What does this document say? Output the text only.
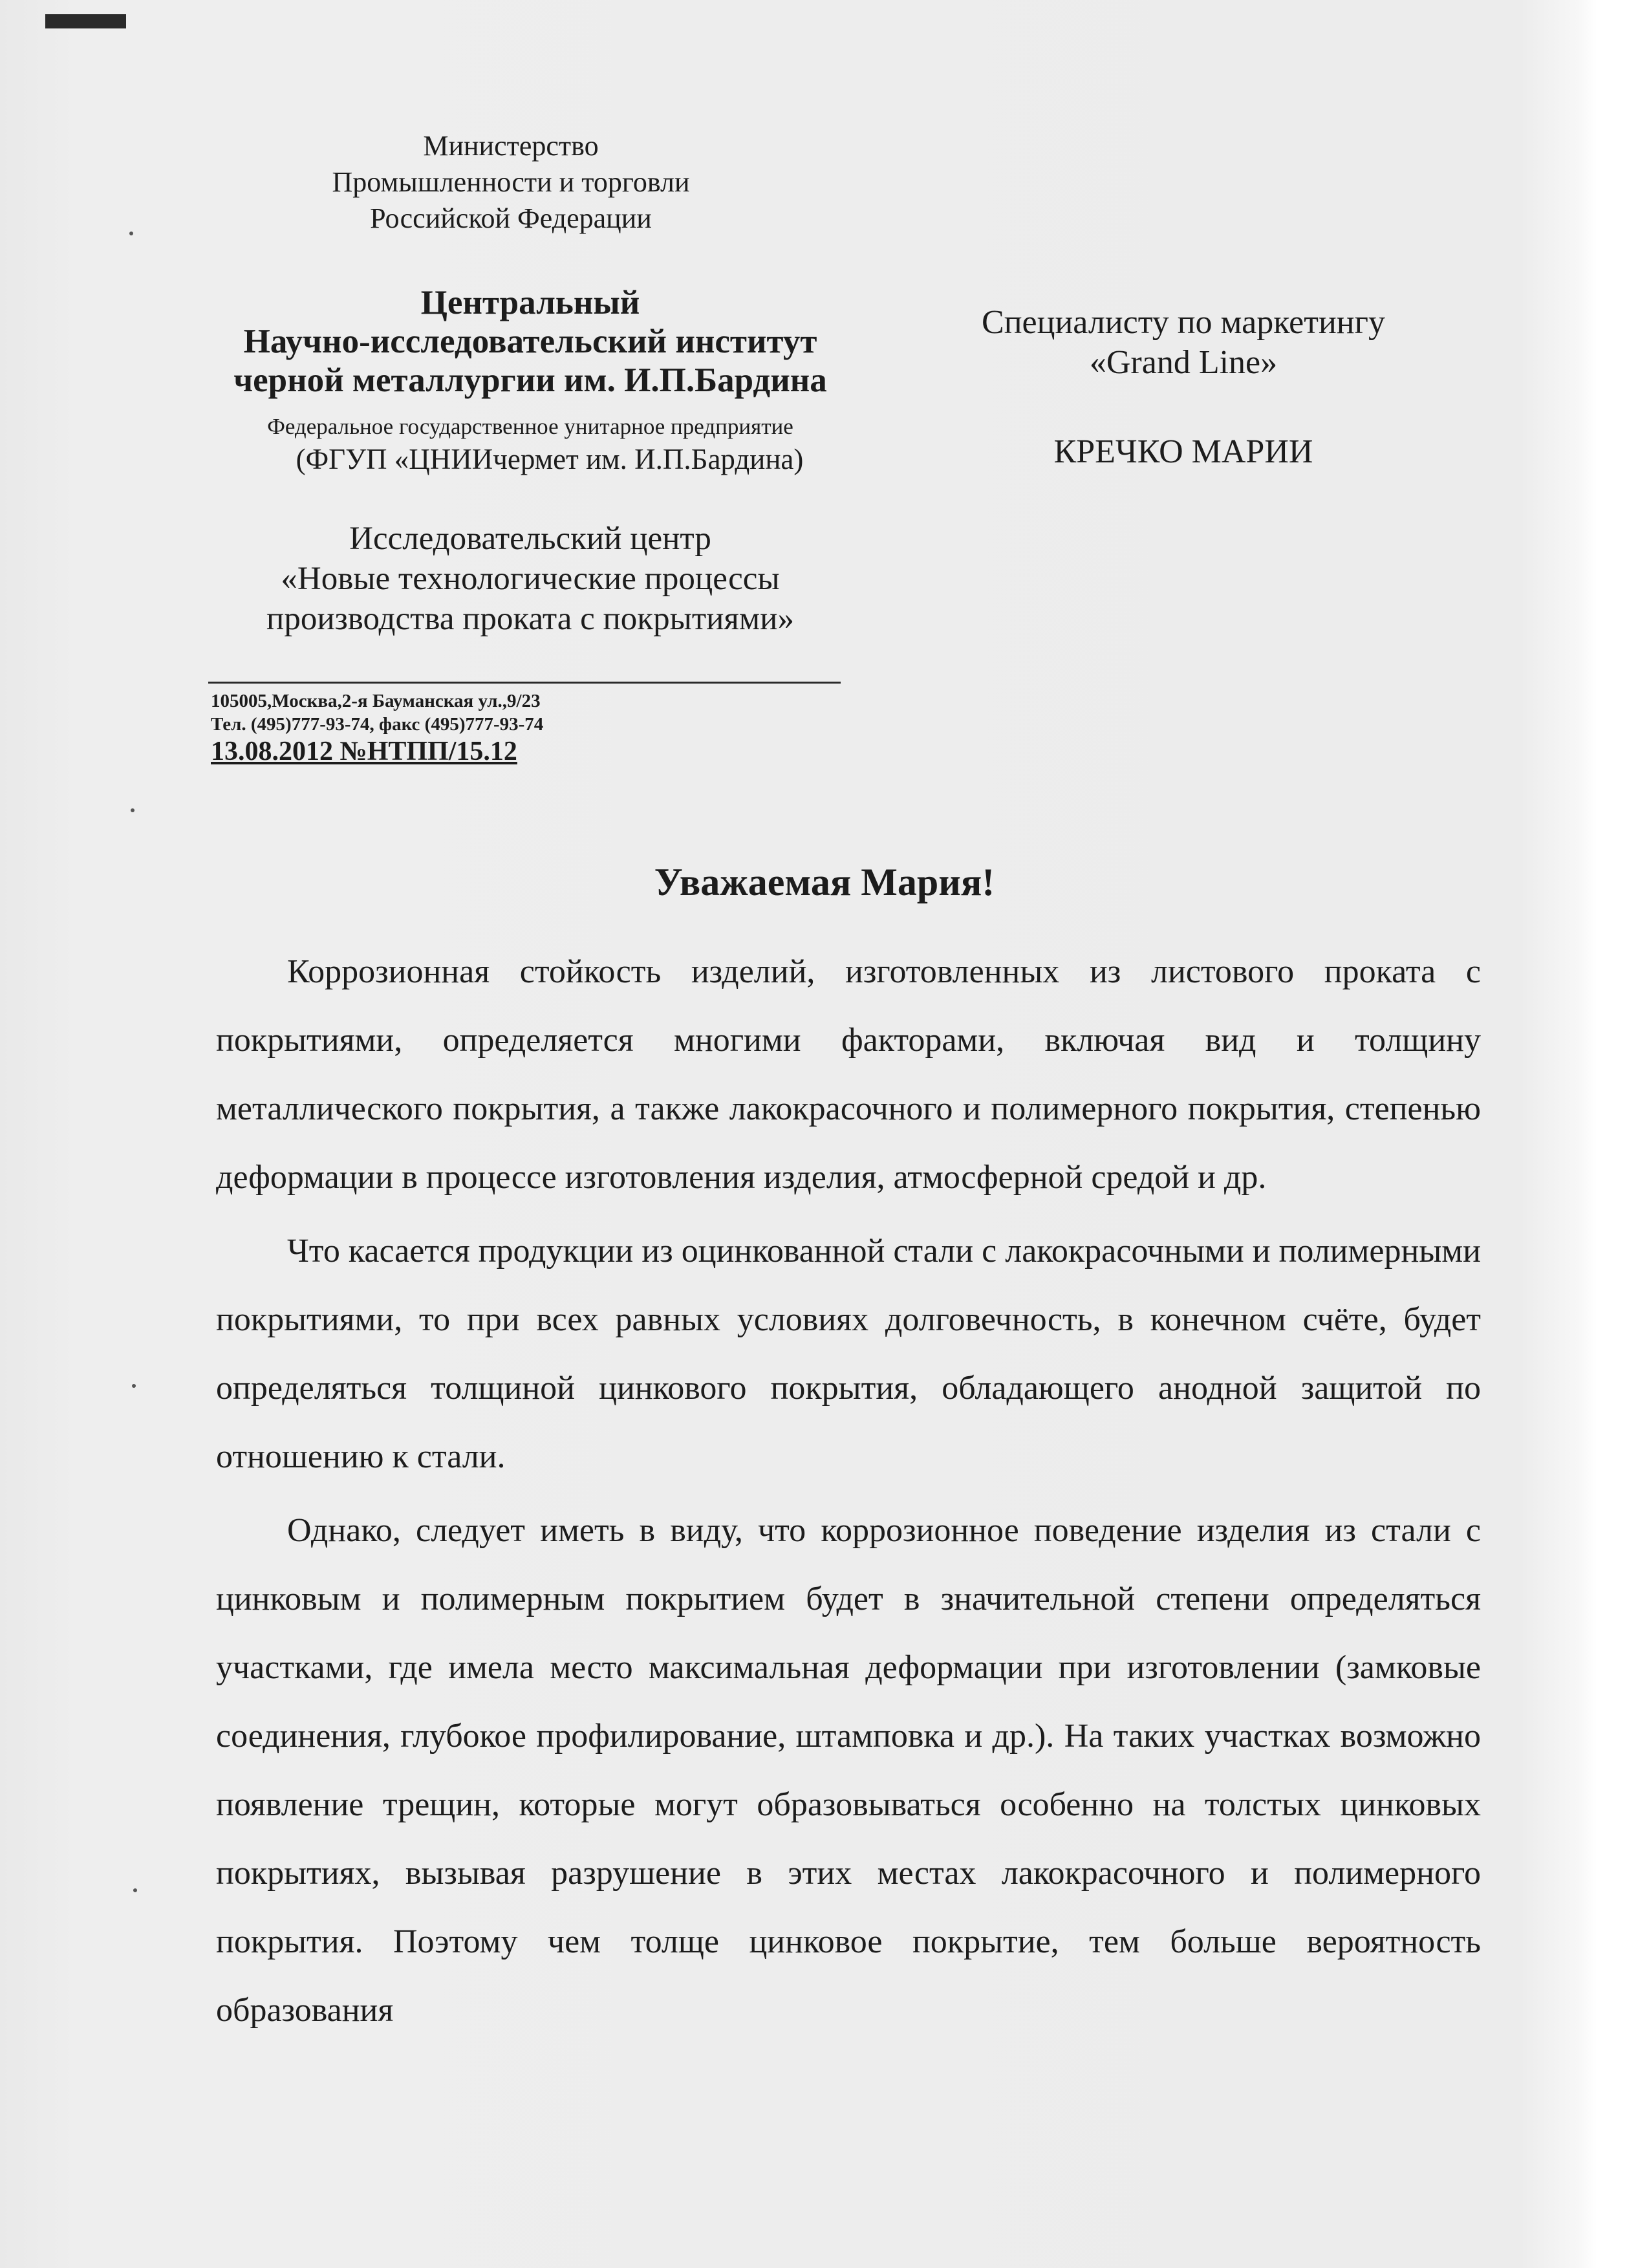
Министерство
Промышленности и торговли
Российской Федерации
Центральный
Научно-исследовательский институт
черной металлургии им. И.П.Бардина
Федеральное государственное унитарное предприятие
(ФГУП «ЦНИИчермет им. И.П.Бардина)
Исследовательский центр
«Новые технологические процессы
производства проката с покрытиями»
105005,Москва,2-я Бауманская ул.,9/23
Тел. (495)777-93-74, факс (495)777-93-74
13.08.2012 №НТПП/15.12
Специалисту по маркетингу
«Grand Line»
КРЕЧКО МАРИИ
Уважаемая Мария!

Коррозионная стойкость изделий, изготовленных из листового проката с покрытиями, определяется многими факторами, включая вид и толщину металлического покрытия, а также лакокрасочного и полимерного покрытия, степенью деформации в процессе изготовления изделия, атмосферной средой и др.

Что касается продукции из оцинкованной стали с лакокрасочными и полимерными покрытиями, то при всех равных условиях долговечность, в конечном счёте, будет определяться толщиной цинкового покрытия, обладающего анодной защитой по отношению к стали.

Однако, следует иметь в виду, что коррозионное поведение изделия из стали с цинковым и полимерным покрытием будет в значительной степени определяться участками, где имела место максимальная деформации при изготовлении (замковые соединения, глубокое профилирование, штамповка и др.). На таких участках возможно появление трещин, которые могут образовываться особенно на толстых цинковых покрытиях, вызывая разрушение в этих местах лакокрасочного и полимерного покрытия. Поэтому чем толще цинковое покрытие, тем больше вероятность образования
